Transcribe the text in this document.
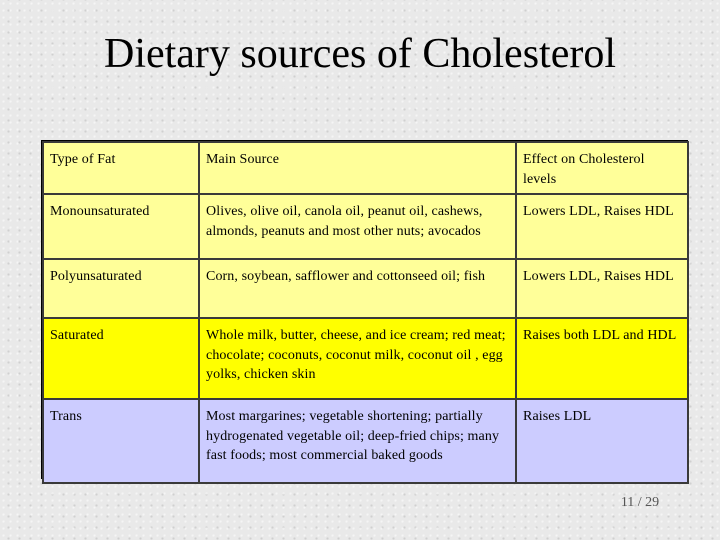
Dietary sources of Cholesterol
Type of Fat	Main Source	Effect on Cholesterol levels
Monounsaturated	Olives, olive oil, canola oil, peanut oil, cashews, almonds, peanuts and most other nuts; avocados	Lowers LDL, Raises HDL
Polyunsaturated	Corn, soybean, safflower and cottonseed oil; fish	Lowers LDL, Raises HDL
Saturated	Whole milk, butter, cheese, and ice cream; red meat; chocolate; coconuts, coconut milk, coconut oil , egg yolks, chicken skin	Raises both LDL and HDL
Trans	Most margarines; vegetable shortening; partially hydrogenated vegetable oil; deep-fried chips; many fast foods; most commercial baked goods	Raises LDL
11 / 29
